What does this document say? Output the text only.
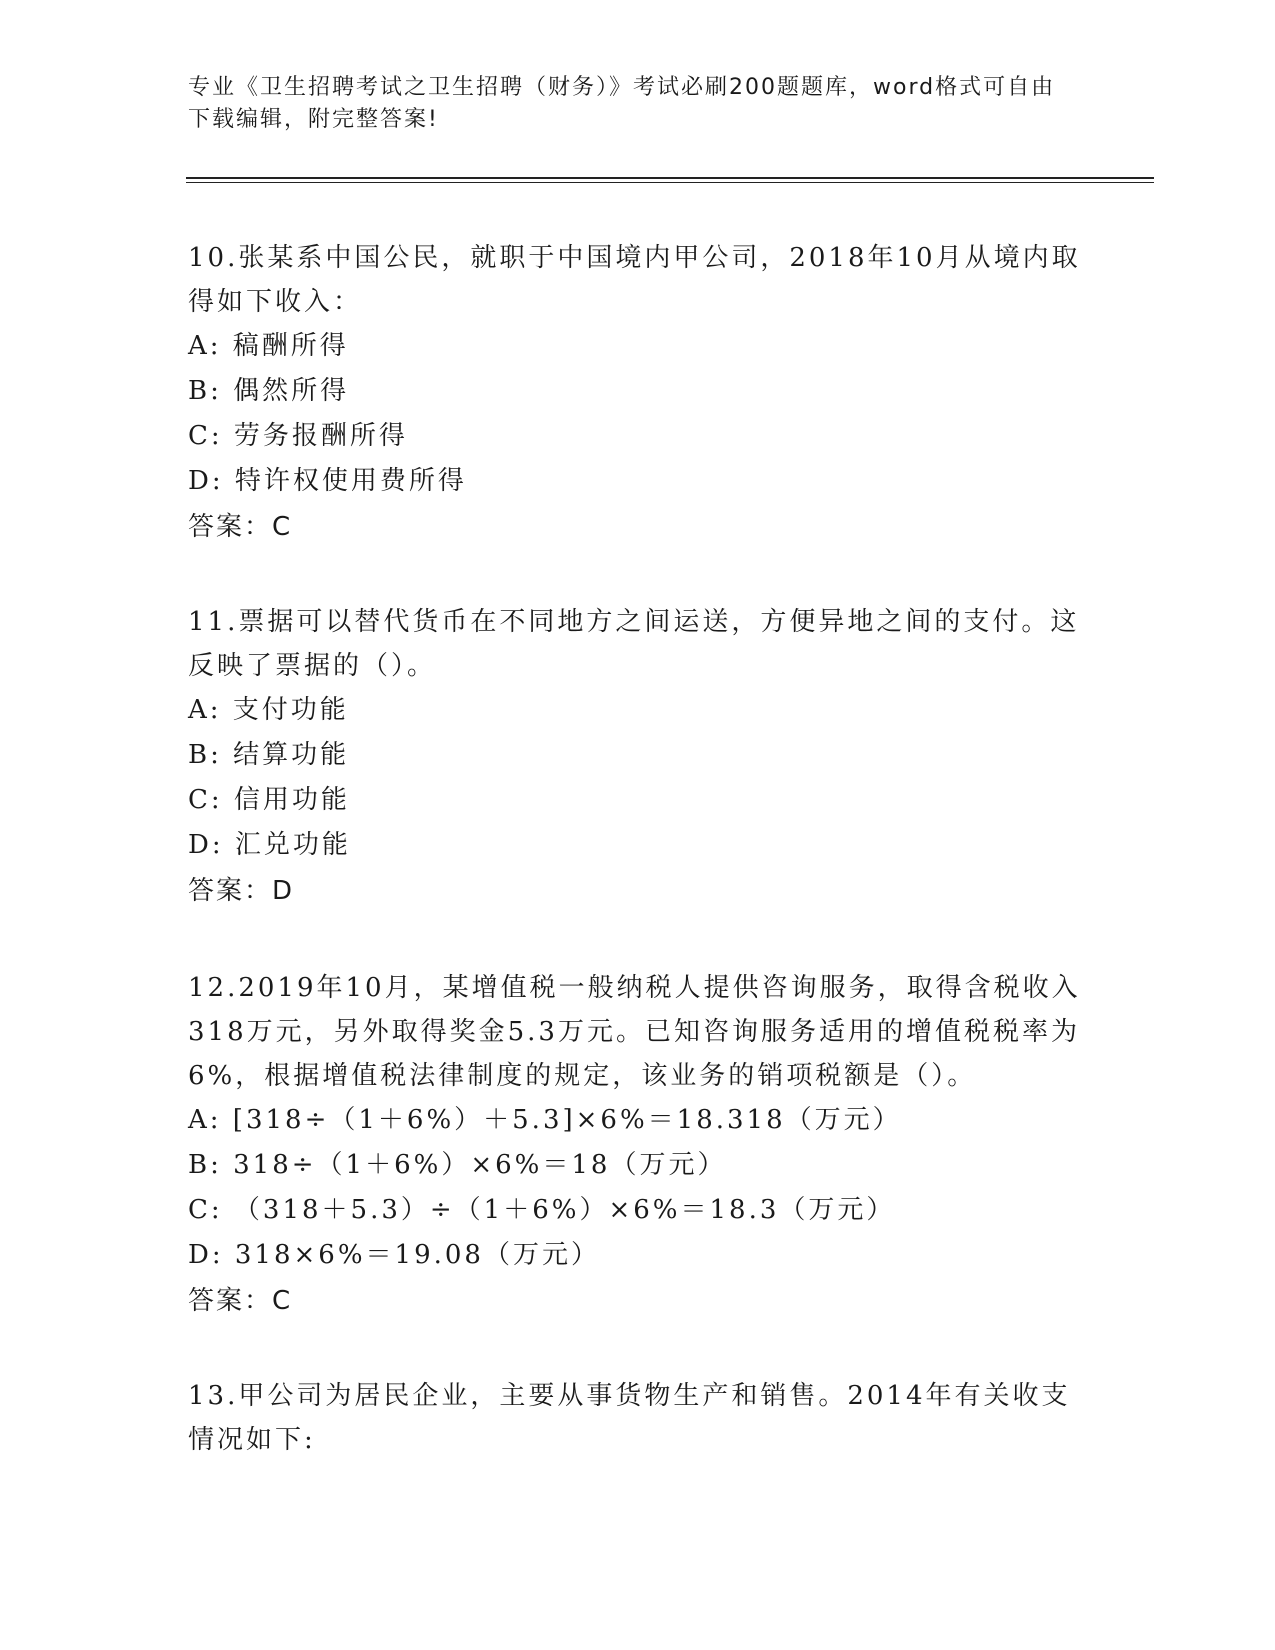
专业《卫生招聘考试之卫生招聘（财务）》考试必刷200题题库，word格式可自由下载编辑，附完整答案!

10.张某系中国公民，就职于中国境内甲公司，2018年10月从境内取得如下收入：

A: 稿酬所得

B: 偶然所得

C: 劳务报酬所得

D: 特许权使用费所得

答案：C

11.票据可以替代货币在不同地方之间运送，方便异地之间的支付。这反映了票据的（）。

A: 支付功能

B: 结算功能

C: 信用功能

D: 汇兑功能

答案：D

12.2019年10月，某增值税一般纳税人提供咨询服务，取得含税收入318万元，另外取得奖金5.3万元。已知咨询服务适用的增值税税率为6%，根据增值税法律制度的规定，该业务的销项税额是（）。

A: [318÷（1＋6%）＋5.3]×6%＝18.318（万元）

B: 318÷（1＋6%）×6%＝18（万元）

C: （318＋5.3）÷（1＋6%）×6%＝18.3（万元）

D: 318×6%＝19.08（万元）

答案：C

13.甲公司为居民企业，主要从事货物生产和销售。2014年有关收支情况如下:
